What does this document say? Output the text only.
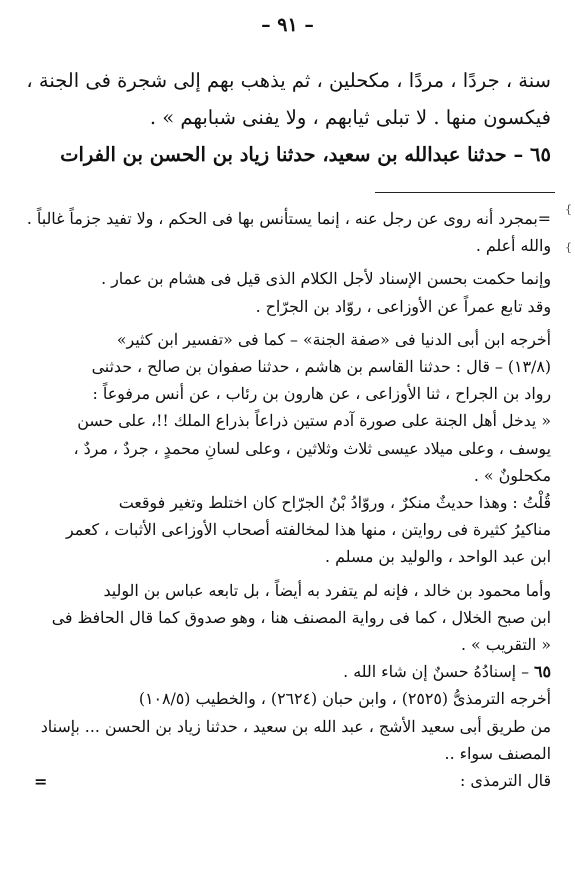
– ٩١ –

سنة ، جردًا ، مردًا ، مكحلين ، ثم يذهب بهم إلى شجرة فى الجنة ،

فيكسون منها . لا تبلى ثيابهم ، ولا يفنى شبابهم » .

٦٥ – حدثنا عبدالله بن سعيد، حدثنا زياد بن الحسن بن الفرات

=بمجرد أنه روى عن رجل عنه ، إنما يستأنس بها فى الحكم ، ولا تفيد جزماً غالباً .

والله أعلم .

وإنما حكمت بحسن الإسناد لأجل الكلام الذى قيل فى هشام بن عمار .

وقد تابع عمراً عن الأوزاعى ، روّاد بن الجرّاح .

أخرجه ابن أبى الدنيا فى «صفة الجنة» – كما فى «تفسير ابن كثير»

(١٣/٨) – قال : حدثنا القاسم بن هاشم ، حدثنا صفوان بن صالح ، حدثنى

رواد بن الجراح ، ثنا الأوزاعى ، عن هارون بن رئاب ، عن أنس مرفوعاً :

« يدخل أهل الجنة على صورة آدم ستين ذراعاً بذراع الملك !!، على حسن

يوسف ، وعلى ميلاد عيسى ثلاث وثلاثين ، وعلى لسانِ محمدٍ ، جردٌ ، مردٌ ،

مكحلونٌ » .

قُلْتُ : وهذا حديثٌ منكرٌ ، وروّادُ بْنُ الجرّاح كان اختلط وتغير فوقعت

مناكيرُ كثيرة فى روايتن ، منها هذا لمخالفته أصحاب الأوزاعى الأثبات ، كعمر

ابن عبد الواحد ، والوليد بن مسلم .

وأما محمود بن خالد ، فإنه لم يتفرد به أيضاً ، بل تابعه عباس بن الوليد

ابن صبح الخلال ، كما فى رواية المصنف هنا ، وهو صدوق كما قال الحافظ فى

« التقريب » .

٦٥ – إسنادُهُ حسنٌ إن شاء الله .

أخرجه الترمذىُّ (٢٥٢٥) ، وابن حبان (٢٦٢٤) ، والخطيب (١٠٨/٥)

من طريق أبى سعيد الأشج ، عبد الله بن سعيد ، حدثنا زياد بن الحسن ... بإسناد

المصنف سواء ..

قال الترمذى :

=
{
{
